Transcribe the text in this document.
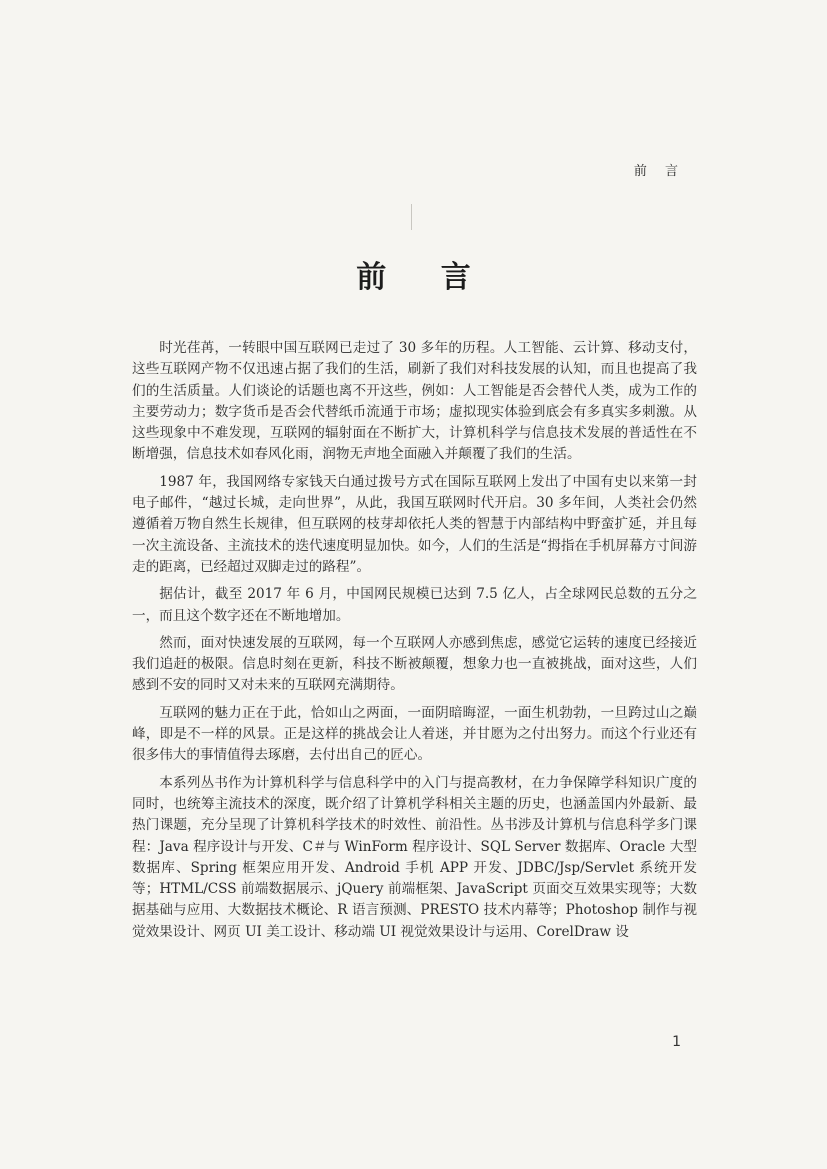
前 言
前 言

时光荏苒，一转眼中国互联网已走过了 30 多年的历程。人工智能、云计算、移动支付，这些互联网产物不仅迅速占据了我们的生活，刷新了我们对科技发展的认知，而且也提高了我们的生活质量。人们谈论的话题也离不开这些，例如：人工智能是否会替代人类，成为工作的主要劳动力；数字货币是否会代替纸币流通于市场；虚拟现实体验到底会有多真实多刺激。从这些现象中不难发现，互联网的辐射面在不断扩大，计算机科学与信息技术发展的普适性在不断增强，信息技术如春风化雨，润物无声地全面融入并颠覆了我们的生活。

1987 年，我国网络专家钱天白通过拨号方式在国际互联网上发出了中国有史以来第一封电子邮件，“越过长城，走向世界”，从此，我国互联网时代开启。30 多年间，人类社会仍然遵循着万物自然生长规律，但互联网的枝芽却依托人类的智慧于内部结构中野蛮扩延，并且每一次主流设备、主流技术的迭代速度明显加快。如今，人们的生活是“拇指在手机屏幕方寸间游走的距离，已经超过双脚走过的路程”。

据估计，截至 2017 年 6 月，中国网民规模已达到 7.5 亿人，占全球网民总数的五分之一，而且这个数字还在不断地增加。

然而，面对快速发展的互联网，每一个互联网人亦感到焦虑，感觉它运转的速度已经接近我们追赶的极限。信息时刻在更新，科技不断被颠覆，想象力也一直被挑战，面对这些，人们感到不安的同时又对未来的互联网充满期待。

互联网的魅力正在于此，恰如山之两面，一面阴暗晦涩，一面生机勃勃，一旦跨过山之巅峰，即是不一样的风景。正是这样的挑战会让人着迷，并甘愿为之付出努力。而这个行业还有很多伟大的事情值得去琢磨，去付出自己的匠心。

本系列丛书作为计算机科学与信息科学中的入门与提高教材，在力争保障学科知识广度的同时，也统筹主流技术的深度，既介绍了计算机学科相关主题的历史，也涵盖国内外最新、最热门课题，充分呈现了计算机科学技术的时效性、前沿性。丛书涉及计算机与信息科学多门课程：Java 程序设计与开发、C＃与 WinForm 程序设计、SQL Server 数据库、Oracle 大型数据库、Spring 框架应用开发、Android 手机 APP 开发、JDBC/Jsp/Servlet 系统开发等；HTML/CSS 前端数据展示、jQuery 前端框架、JavaScript 页面交互效果实现等；大数据基础与应用、大数据技术概论、R 语言预测、PRESTO 技术内幕等；Photoshop 制作与视觉效果设计、网页 UI 美工设计、移动端 UI 视觉效果设计与运用、CorelDraw 设

1
